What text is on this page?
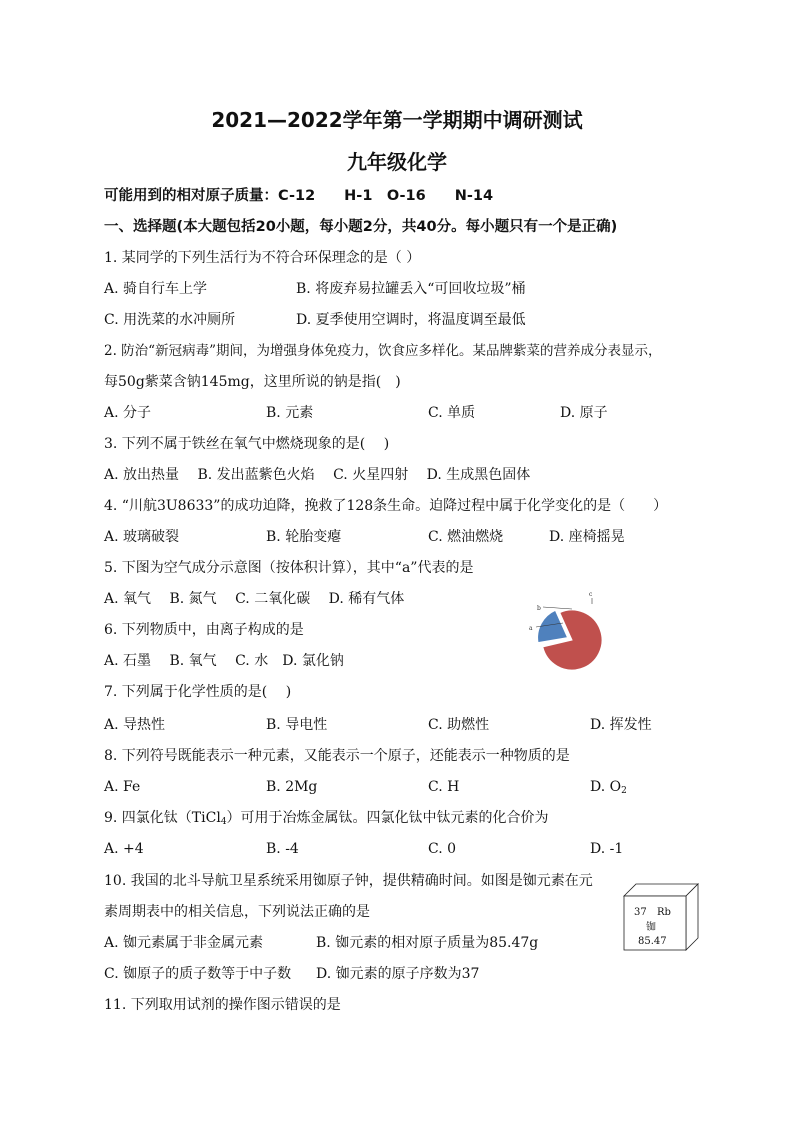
2021—2022学年第一学期期中调研测试
九年级化学
可能用到的相对原子质量：C-12　　H-1　O-16　　N-14
一、选择题(本大题包括20小题，每小题2分，共40分。每小题只有一个是正确)
1. 某同学的下列生活行为不符合环保理念的是（ ）
A. 骑自行车上学	B. 将废弃易拉罐丢入“可回收垃圾”桶
C. 用洗菜的水冲厕所	D. 夏季使用空调时，将温度调至最低
2. 防治“新冠病毒”期间，为增强身体免疫力，饮食应多样化。某品牌紫菜的营养成分表显示，
每50g紫菜含钠145mg，这里所说的钠是指(　)
A. 分子	B. 元素	C. 单质	D. 原子
3. 下列不属于铁丝在氧气中燃烧现象的是(　 )
A. 放出热量　 B. 发出蓝紫色火焰　 C. 火星四射　 D. 生成黑色固体
4. “川航3U8633”的成功迫降，挽救了128条生命。迫降过程中属于化学变化的是（　　）
A. 玻璃破裂	B. 轮胎变瘪	C. 燃油燃烧	D. 座椅摇晃
5. 下图为空气成分示意图（按体积计算），其中“a”代表的是
A. 氧气　 B. 氮气　 C. 二氧化碳　 D. 稀有气体
a
b
c
6. 下列物质中，由离子构成的是
A. 石墨　 B. 氧气　 C. 水　D. 氯化钠
7. 下列属于化学性质的是(　 )
A. 导热性	B. 导电性	C. 助燃性	D. 挥发性
8. 下列符号既能表示一种元素，又能表示一个原子，还能表示一种物质的是
A. Fe	B. 2Mg	C. H	D. $O_2$
9. 四氯化钛（TiCl$_4$）可用于冶炼金属钛。四氯化钛中钛元素的化合价为
A. +4	B. -4	C. 0	D. -1
10. 我国的北斗导航卫星系统采用铷原子钟，提供精确时间。如图是铷元素在元
素周期表中的相关信息，下列说法正确的是
A. 铷元素属于非金属元素	B. 铷元素的相对原子质量为85.47g
C. 铷原子的质子数等于中子数 D. 铷元素的原子序数为37
37 Rb
铷
85.47
11. 下列取用试剂的操作图示错误的是
